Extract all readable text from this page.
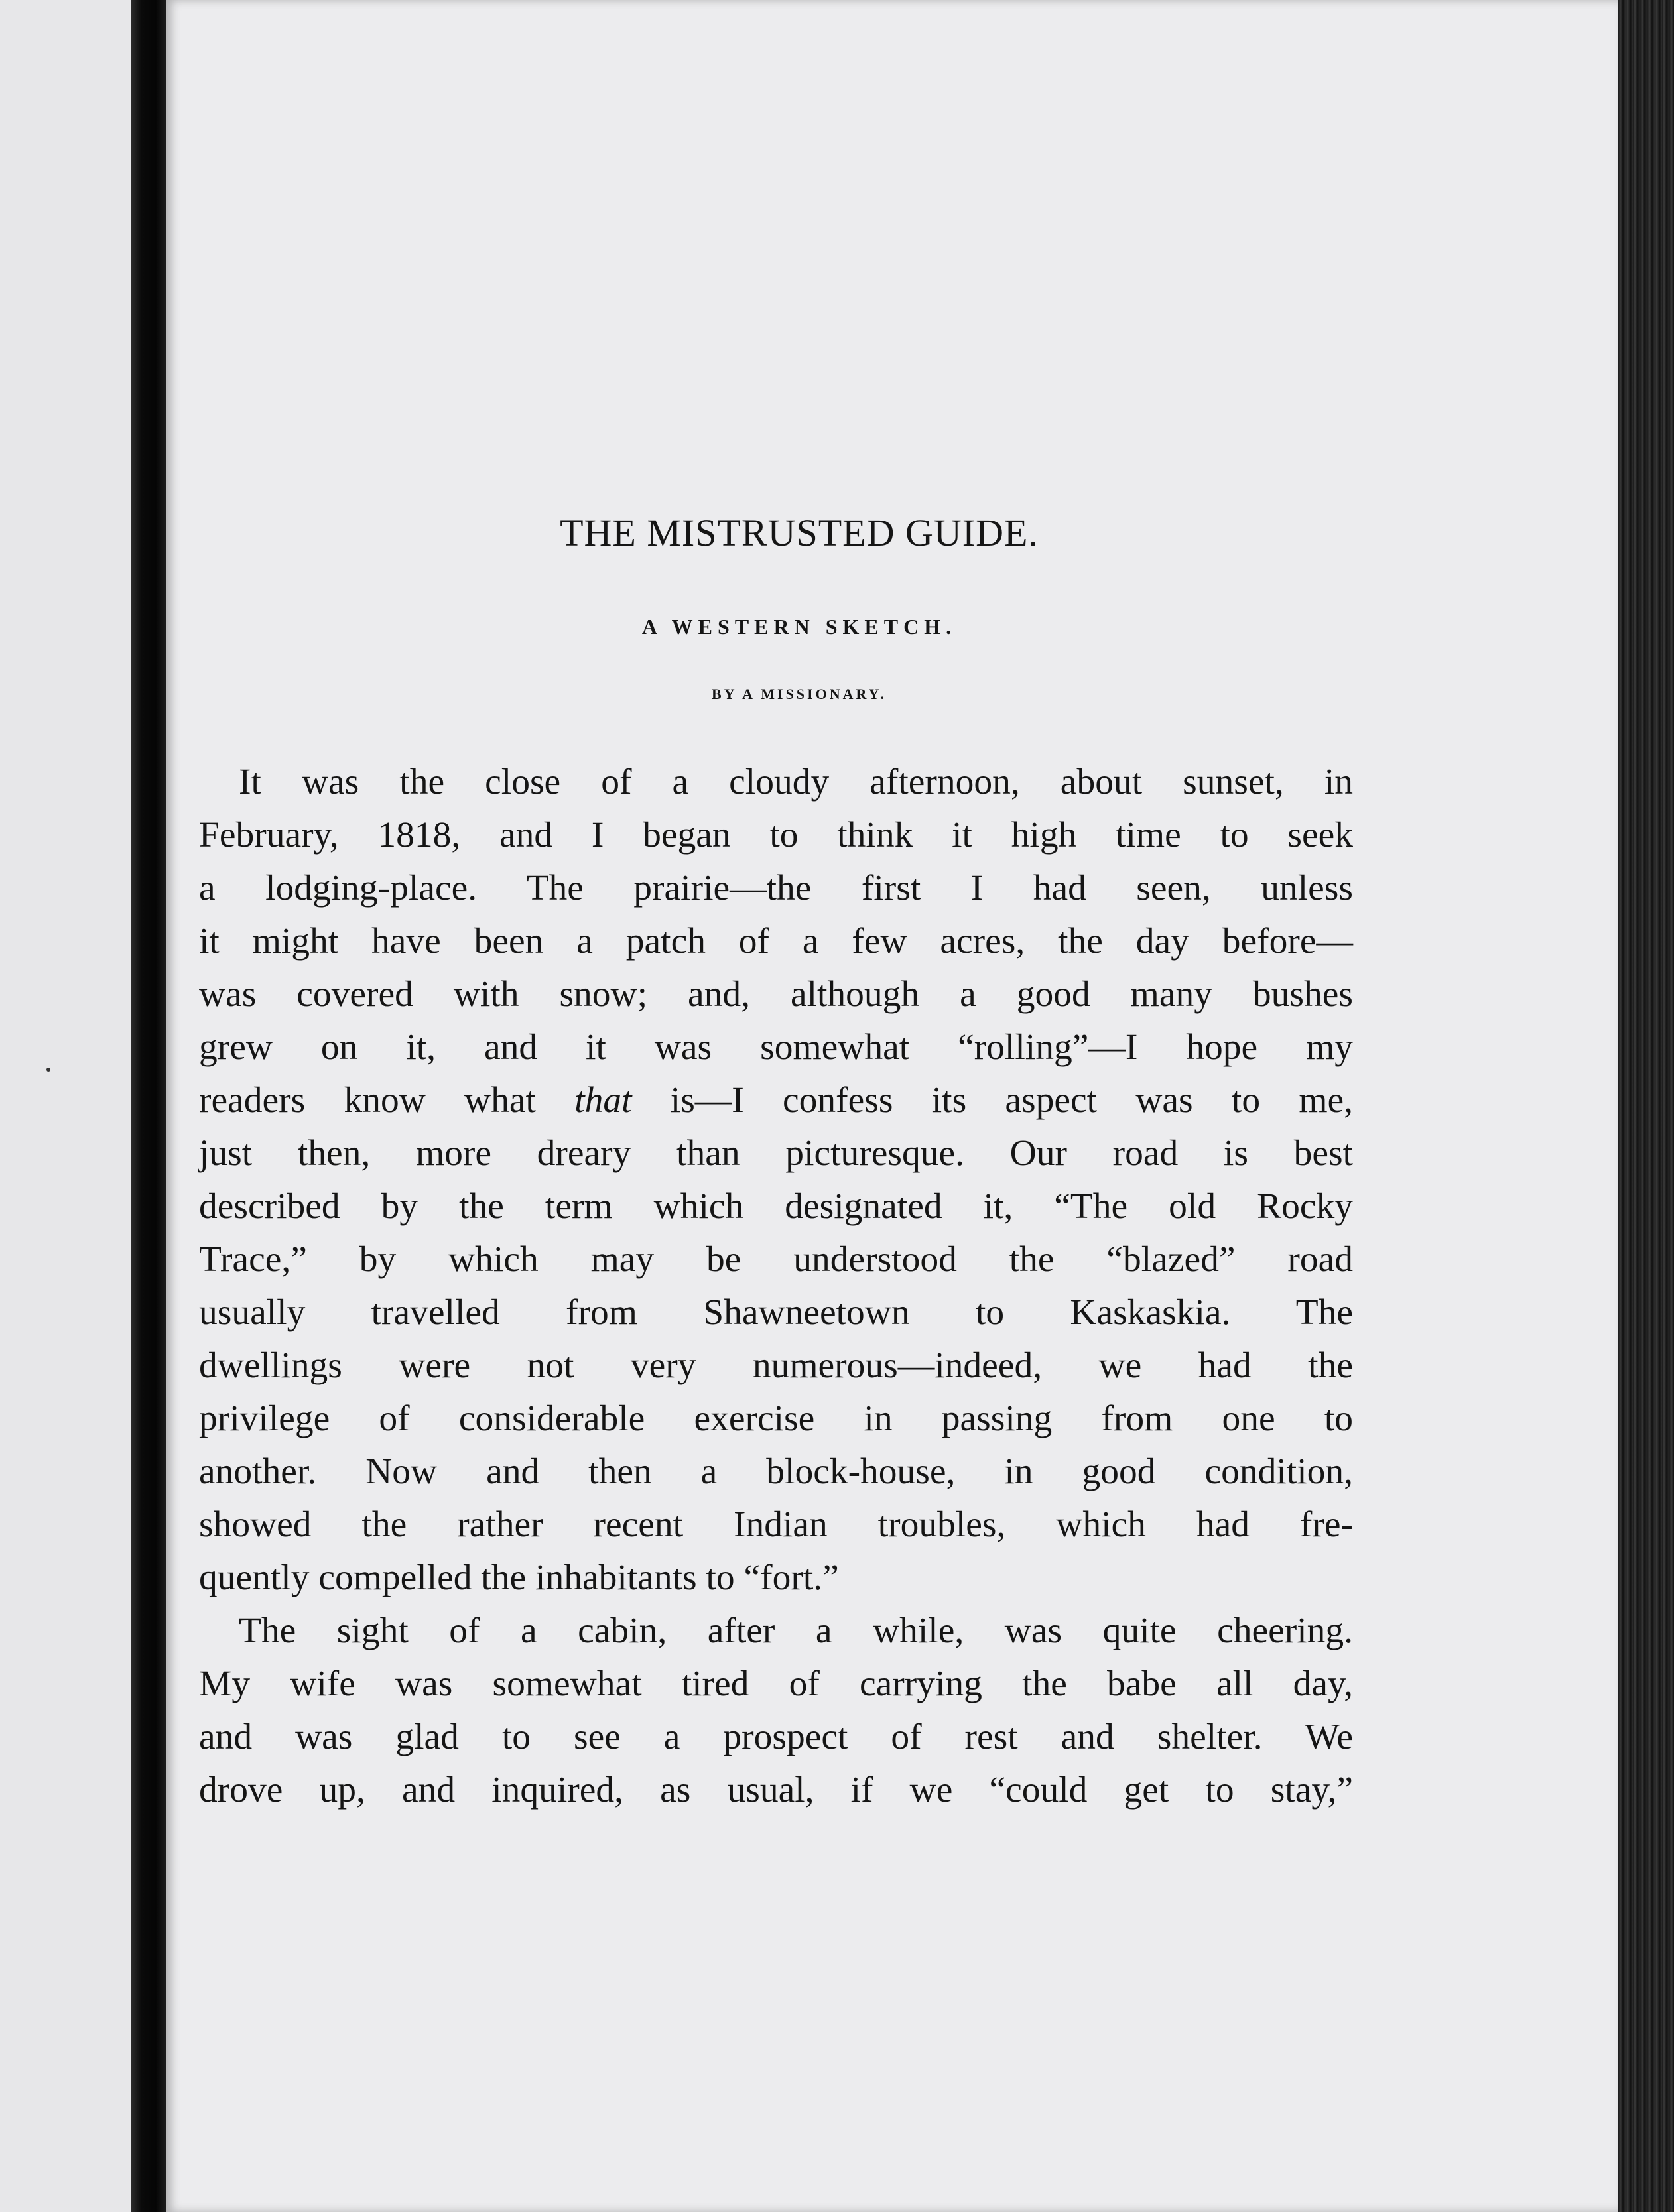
THE MISTRUSTED GUIDE.
A WESTERN SKETCH.
BY A MISSIONARY.
It was the close of a cloudy afternoon, about sunset, in
February, 1818, and I began to think it high time to seek
a lodging-place. The prairie—the first I had seen, unless
it might have been a patch of a few acres, the day before—
was covered with snow; and, although a good many bushes
grew on it, and it was somewhat “rolling”—I hope my
readers know what that is—I confess its aspect was to me,
just then, more dreary than picturesque. Our road is best
described by the term which designated it, “The old Rocky
Trace,” by which may be understood the “blazed” road
usually travelled from Shawneetown to Kaskaskia. The
dwellings were not very numerous—indeed, we had the
privilege of considerable exercise in passing from one to
another. Now and then a block-house, in good condition,
showed the rather recent Indian troubles, which had fre-
quently compelled the inhabitants to “fort.”
The sight of a cabin, after a while, was quite cheering.
My wife was somewhat tired of carrying the babe all day,
and was glad to see a prospect of rest and shelter. We
drove up, and inquired, as usual, if we “could get to stay,”
